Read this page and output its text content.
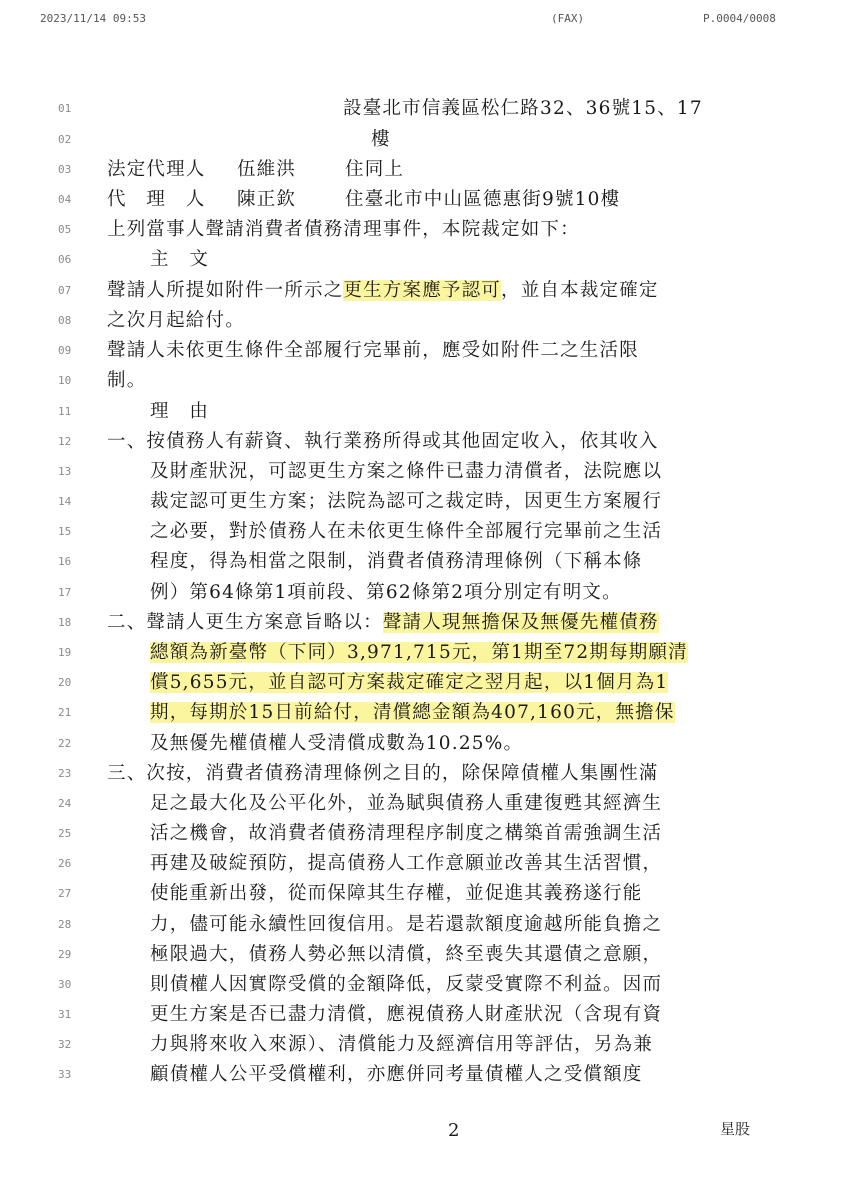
2023/11/14 09:53	(FAX)	P.0004/0008
01	設臺北市信義區松仁路32、36號15、17
02	樓
03	法定代理人 伍維洪	住同上
04	代　理　人 陳正欽	住臺北市中山區德惠街9號10樓
05	上列當事人聲請消費者債務清理事件，本院裁定如下：
06	主　文
07	聲請人所提如附件一所示之更生方案應予認可，並自本裁定確定
08	之次月起給付。
09	聲請人未依更生條件全部履行完畢前，應受如附件二之生活限
10	制。
11	理　由
12	一、按債務人有薪資、執行業務所得或其他固定收入，依其收入
13	及財產狀況，可認更生方案之條件已盡力清償者，法院應以
14	裁定認可更生方案；法院為認可之裁定時，因更生方案履行
15	之必要，對於債務人在未依更生條件全部履行完畢前之生活
16	程度，得為相當之限制，消費者債務清理條例（下稱本條
17	例）第64條第1項前段、第62條第2項分別定有明文。
18	二、聲請人更生方案意旨略以：聲請人現無擔保及無優先權債務
19	總額為新臺幣（下同）3,971,715元，第1期至72期每期願清
20	償5,655元，並自認可方案裁定確定之翌月起，以1個月為1
21	期，每期於15日前給付，清償總金額為407,160元，無擔保
22	及無優先權債權人受清償成數為10.25%。
23	三、次按，消費者債務清理條例之目的，除保障債權人集團性滿
24	足之最大化及公平化外，並為賦與債務人重建復甦其經濟生
25	活之機會，故消費者債務清理程序制度之構築首需強調生活
26	再建及破綻預防，提高債務人工作意願並改善其生活習慣，
27	使能重新出發，從而保障其生存權，並促進其義務遂行能
28	力，儘可能永續性回復信用。是若還款額度逾越所能負擔之
29	極限過大，債務人勢必無以清償，終至喪失其還債之意願，
30	則債權人因實際受償的金額降低，反蒙受實際不利益。因而
31	更生方案是否已盡力清償，應視債務人財產狀況（含現有資
32	力與將來收入來源）、清償能力及經濟信用等評估，另為兼
33	顧債權人公平受償權利，亦應併同考量債權人之受償額度
2	星股
